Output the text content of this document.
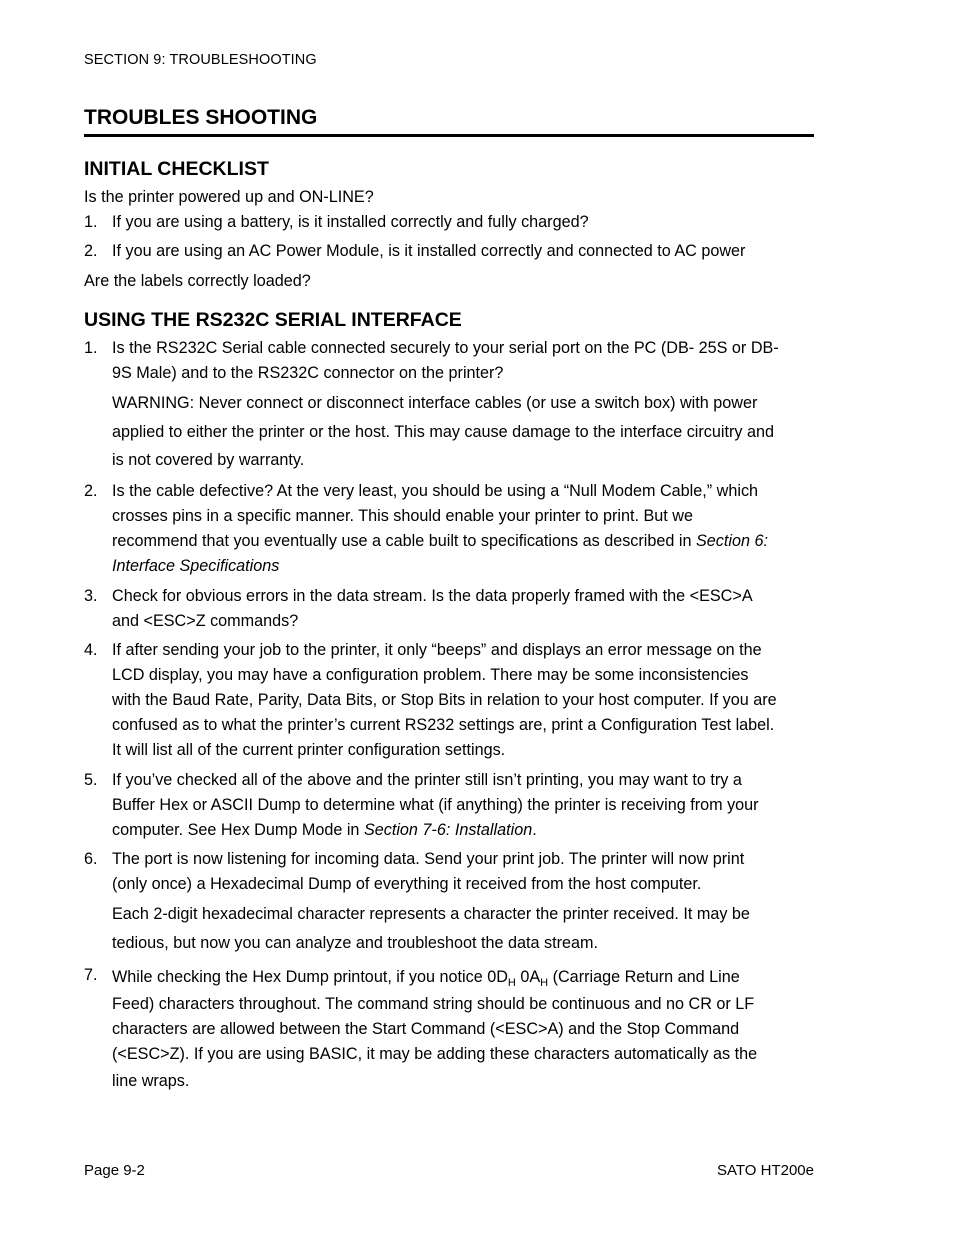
SECTION 9: TROUBLESHOOTING
TROUBLES SHOOTING
INITIAL CHECKLIST

Is the printer powered up and ON-LINE?

1. If you are using a battery, is it installed correctly and fully charged?
2. If you are using an AC Power Module, is it installed correctly and connected to AC power

Are the labels correctly loaded?

USING THE RS232C SERIAL INTERFACE
1. Is the RS232C Serial cable connected securely to your serial port on the PC (DB- 25S or DB-
9S Male) and to the RS232C connector on the printer?
WARNING: Never connect or disconnect interface cables (or use a switch box) with power
applied to either the printer or the host. This may cause damage to the interface circuitry and
is not covered by warranty.
2. Is the cable defective? At the very least, you should be using a “Null Modem Cable,” which
crosses pins in a specific manner. This should enable your printer to print. But we
recommend that you eventually use a cable built to specifications as described in Section 6:
Interface Specifications
3. Check for obvious errors in the data stream. Is the data properly framed with the <ESC>A
and <ESC>Z commands?
4. If after sending your job to the printer, it only “beeps” and displays an error message on the
LCD display, you may have a configuration problem. There may be some inconsistencies
with the Baud Rate, Parity, Data Bits, or Stop Bits in relation to your host computer. If you are
confused as to what the printer’s current RS232 settings are, print a Configuration Test label.
It will list all of the current printer configuration settings.
5. If you’ve checked all of the above and the printer still isn’t printing, you may want to try a
Buffer Hex or ASCII Dump to determine what (if anything) the printer is receiving from your
computer. See Hex Dump Mode in Section 7-6: Installation.
6. The port is now listening for incoming data. Send your print job. The printer will now print
(only once) a Hexadecimal Dump of everything it received from the host computer.
Each 2-digit hexadecimal character represents a character the printer received. It may be
tedious, but now you can analyze and troubleshoot the data stream.
7. While checking the Hex Dump printout, if you notice $0D_H$ $0A_H$ (Carriage Return and Line
Feed) characters throughout. The command string should be continuous and no CR or LF
characters are allowed between the Start Command (<ESC>A) and the Stop Command
(<ESC>Z). If you are using BASIC, it may be adding these characters automatically as the
line wraps.
Page 9-2	SATO HT200e
